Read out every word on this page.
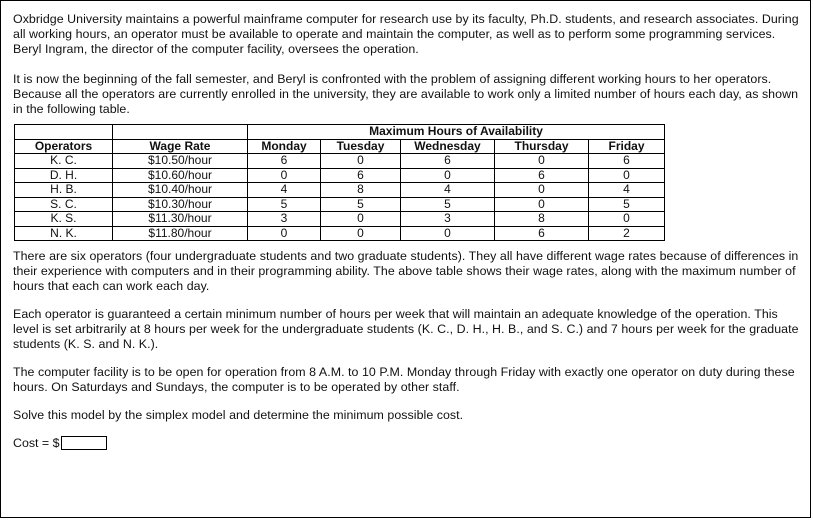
Oxbridge University maintains a powerful mainframe computer for research use by its faculty, Ph.D. students, and research associates. During all working hours, an operator must be available to operate and maintain the computer, as well as to perform some programming services. Beryl Ingram, the director of the computer facility, oversees the operation.

It is now the beginning of the fall semester, and Beryl is confronted with the problem of assigning different working hours to her operators. Because all the operators are currently enrolled in the university, they are available to work only a limited number of hours each day, as shown in the following table.

		Maximum Hours of Availability				
Operators	Wage Rate	Monday	Tuesday	Wednesday	Thursday	Friday
K. C.	$10.50/hour	6	0	6	0	6
D. H.	$10.60/hour	0	6	0	6	0
H. B.	$10.40/hour	4	8	4	0	4
S. C.	$10.30/hour	5	5	5	0	5
K. S.	$11.30/hour	3	0	3	8	0
N. K.	$11.80/hour	0	0	0	6	2

There are six operators (four undergraduate students and two graduate students). They all have different wage rates because of differences in their experience with computers and in their programming ability. The above table shows their wage rates, along with the maximum number of hours that each can work each day.

Each operator is guaranteed a certain minimum number of hours per week that will maintain an adequate knowledge of the operation. This level is set arbitrarily at 8 hours per week for the undergraduate students (K. C., D. H., H. B., and S. C.) and 7 hours per week for the graduate students (K. S. and N. K.).

The computer facility is to be open for operation from 8 A.M. to 10 P.M. Monday through Friday with exactly one operator on duty during these hours. On Saturdays and Sundays, the computer is to be operated by other staff.

Solve this model by the simplex model and determine the minimum possible cost.

Cost = $
